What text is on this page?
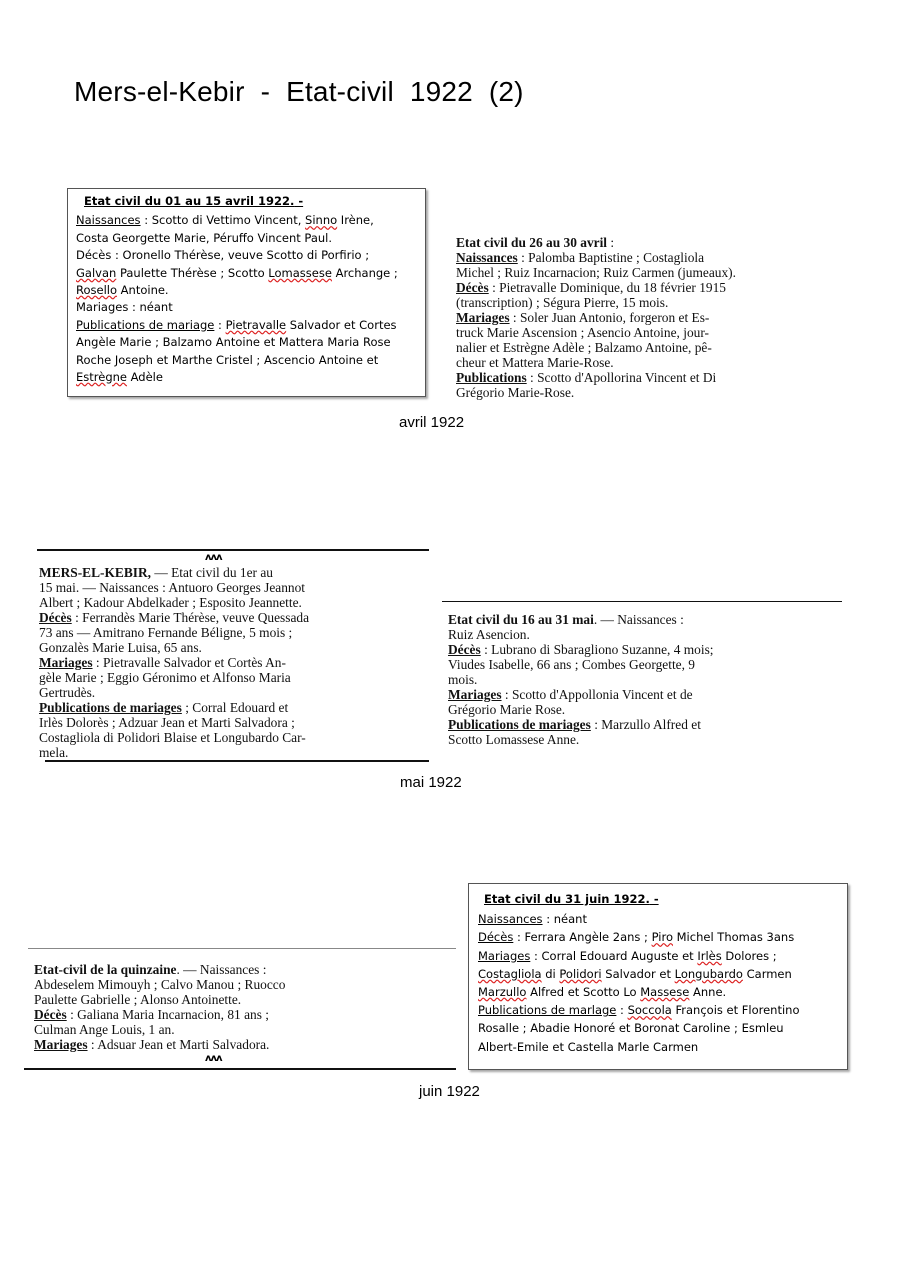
Mers-el-Kebir  -  Etat-civil  1922  (2)
Etat civil du 01 au 15 avril 1922. -
Naissances : Scotto di Vettimo Vincent, Sinno Irène,
Costa Georgette Marie, Péruffo Vincent Paul.
Décès : Oronello Thérèse, veuve Scotto di Porfirio ;
Galvan Paulette Thérèse ; Scotto Lomassese Archange ;
Rosello Antoine.
Mariages : néant
Publications de mariage : Pietravalle Salvador et Cortes
Angèle Marie ; Balzamo Antoine et Mattera Maria Rose
Roche Joseph et Marthe Cristel ; Ascencio Antoine et
Estrègne Adèle
Etat civil du 26 au 30 avril :
Naissances : Palomba Baptistine ; Costagliola
Michel ; Ruiz Incarnacion; Ruiz Carmen (jumeaux).
Décès : Pietravalle Dominique, du 18 février 1915
(transcription) ; Ségura Pierre, 15 mois.
Mariages : Soler Juan Antonio, forgeron et Es-
truck Marie Ascension ; Asencio Antoine, jour-
nalier et Estrègne Adèle ; Balzamo Antoine, pê-
cheur et Mattera Marie-Rose.
Publications : Scotto d'Apollorina Vincent et Di
Grégorio Marie-Rose.
avril 1922
ᴧᴧᴧ
MERS-EL-KEBIR, — Etat civil du 1er au
15 mai. — Naissances : Antuoro Georges Jeannot
Albert ; Kadour Abdelkader ; Esposito Jeannette.
Décès : Ferrandès Marie Thérèse, veuve Quessada
73 ans — Amitrano Fernande Béligne, 5 mois ;
Gonzalès Marie Luisa, 65 ans.
Mariages : Pietravalle Salvador et Cortès An-
gèle Marie ; Eggio Géronimo et Alfonso Maria
Gertrudès.
Publications de mariages ; Corral Edouard et
Irlès Dolorès ; Adzuar Jean et Marti Salvadora ;
Costagliola di Polidori Blaise et Longubardo Car-
mela.
Etat civil du 16 au 31 mai. — Naissances :
Ruiz Asencion.
Décès : Lubrano di Sbaragliono Suzanne, 4 mois;
Viudes Isabelle, 66 ans ; Combes Georgette, 9
mois.
Mariages : Scotto d'Appollonia Vincent et de
Grégorio Marie Rose.
Publications de mariages : Marzullo Alfred et
Scotto Lomassese Anne.
mai 1922
Etat-civil de la quinzaine. — Naissances :
Abdeselem Mimouyh ; Calvo Manou ; Ruocco
Paulette Gabrielle ; Alonso Antoinette.
Décès : Galiana Maria Incarnacion, 81 ans ;
Culman Ange Louis, 1 an.
Mariages : Adsuar Jean et Marti Salvadora.
ᴧᴧᴧ
Etat civil du 31 juin 1922. -
Naissances : néant
Décès : Ferrara Angèle 2ans ; Piro Michel Thomas 3ans
Mariages : Corral Edouard Auguste et Irlès Dolores ;
Costagliola di Polidori Salvador et Longubardo Carmen
Marzullo Alfred et Scotto Lo Massese Anne.
Publications de marlage : Soccola François et Florentino
Rosalle ; Abadie Honoré et Boronat Caroline ; Esmleu
Albert-Emile et Castella Marle Carmen
juin 1922
